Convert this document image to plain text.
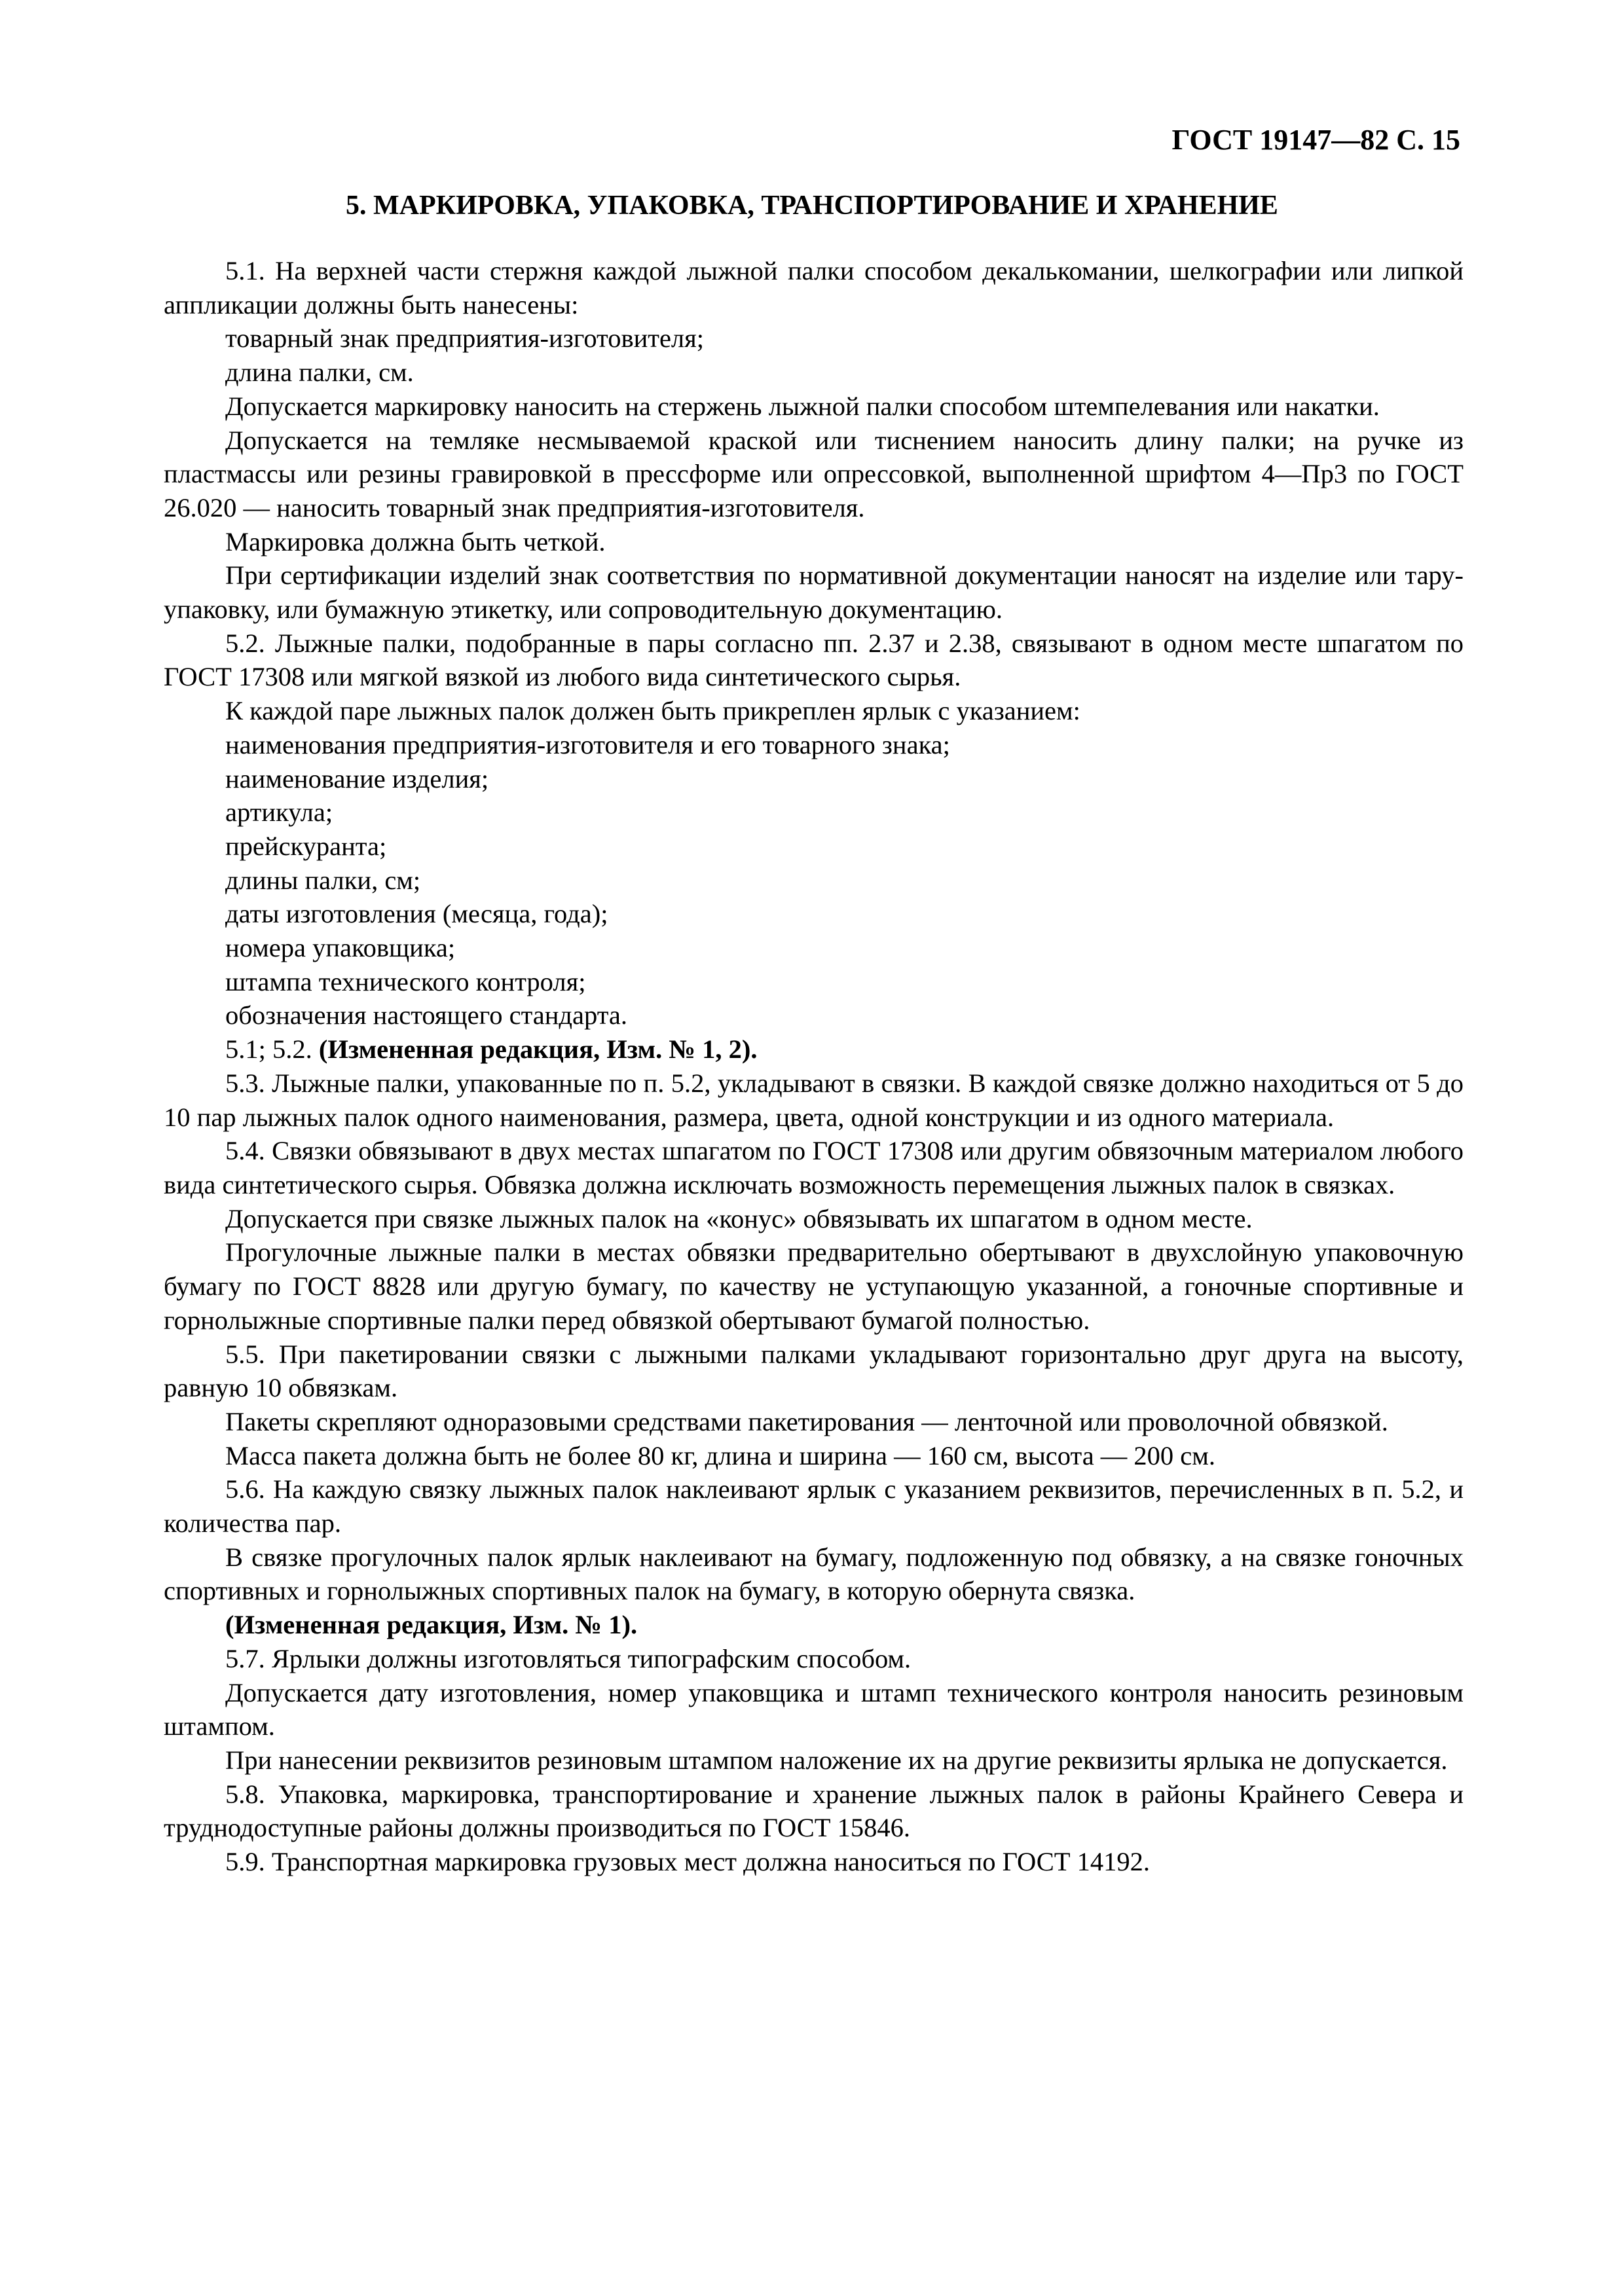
ГОСТ 19147—82 С. 15
5. МАРКИРОВКА, УПАКОВКА, ТРАНСПОРТИРОВАНИЕ И ХРАНЕНИЕ

5.1. На верхней части стержня каждой лыжной палки способом декалькомании, шелкографии или липкой аппликации должны быть нанесены:

товарный знак предприятия-изготовителя;

длина палки, см.

Допускается маркировку наносить на стержень лыжной палки способом штемпелевания или накатки.

Допускается на темляке несмываемой краской или тиснением наносить длину палки; на ручке из пластмассы или резины гравировкой в прессформе или опрессовкой, выполненной шрифтом 4—Пр3 по ГОСТ 26.020 — наносить товарный знак предприятия-изготовителя.

Маркировка должна быть четкой.

При сертификации изделий знак соответствия по нормативной документации наносят на изделие или тару-упаковку, или бумажную этикетку, или сопроводительную документацию.

5.2. Лыжные палки, подобранные в пары согласно пп. 2.37 и 2.38, связывают в одном месте шпагатом по ГОСТ 17308 или мягкой вязкой из любого вида синтетического сырья.

К каждой паре лыжных палок должен быть прикреплен ярлык с указанием:

наименования предприятия-изготовителя и его товарного знака;

наименование изделия;

артикула;

прейскуранта;

длины палки, см;

даты изготовления (месяца, года);

номера упаковщика;

штампа технического контроля;

обозначения настоящего стандарта.

5.1; 5.2. (Измененная редакция, Изм. № 1, 2).

5.3. Лыжные палки, упакованные по п. 5.2, укладывают в связки. В каждой связке должно находиться от 5 до 10 пар лыжных палок одного наименования, размера, цвета, одной конструкции и из одного материала.

5.4. Связки обвязывают в двух местах шпагатом по ГОСТ 17308 или другим обвязочным материалом любого вида синтетического сырья. Обвязка должна исключать возможность перемещения лыжных палок в связках.

Допускается при связке лыжных палок на «конус» обвязывать их шпагатом в одном месте.

Прогулочные лыжные палки в местах обвязки предварительно обертывают в двухслойную упаковочную бумагу по ГОСТ 8828 или другую бумагу, по качеству не уступающую указанной, а гоночные спортивные и горнолыжные спортивные палки перед обвязкой обертывают бумагой полностью.

5.5. При пакетировании связки с лыжными палками укладывают горизонтально друг друга на высоту, равную 10 обвязкам.

Пакеты скрепляют одноразовыми средствами пакетирования — ленточной или проволочной обвязкой.

Масса пакета должна быть не более 80 кг, длина и ширина — 160 см, высота — 200 см.

5.6. На каждую связку лыжных палок наклеивают ярлык с указанием реквизитов, перечисленных в п. 5.2, и количества пар.

В связке прогулочных палок ярлык наклеивают на бумагу, подложенную под обвязку, а на связке гоночных спортивных и горнолыжных спортивных палок на бумагу, в которую обернута связка.

(Измененная редакция, Изм. № 1).

5.7. Ярлыки должны изготовляться типографским способом.

Допускается дату изготовления, номер упаковщика и штамп технического контроля наносить резиновым штампом.

При нанесении реквизитов резиновым штампом наложение их на другие реквизиты ярлыка не допускается.

5.8. Упаковка, маркировка, транспортирование и хранение лыжных палок в районы Крайнего Севера и труднодоступные районы должны производиться по ГОСТ 15846.

5.9. Транспортная маркировка грузовых мест должна наноситься по ГОСТ 14192.
